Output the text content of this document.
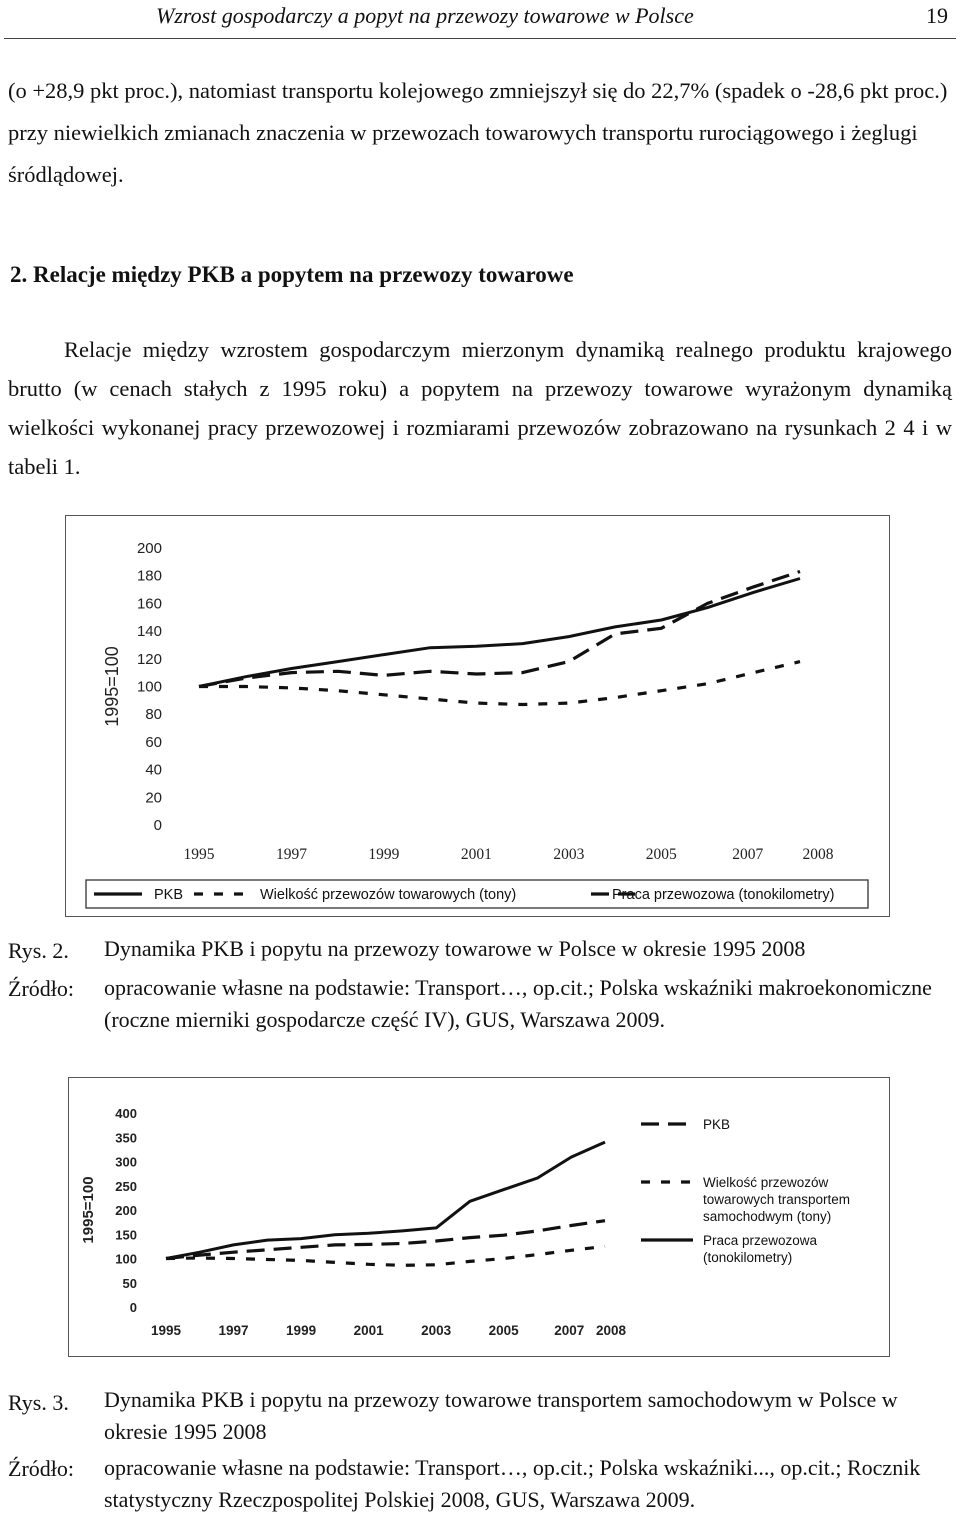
Wzrost gospodarczy a popyt na przewozy towarowe w Polsce	19
(o +28,9 pkt proc.), natomiast transportu kolejowego zmniejszył się do 22,7% (spadek o -28,6 pkt proc.) przy niewielkich zmianach znaczenia w przewozach towarowych transportu rurociągowego i żeglugi śródlądowej.
2. Relacje między PKB a popytem na przewozy towarowe
Relacje między wzrostem gospodarczym mierzonym dynamiką realnego produktu krajowego brutto (w cenach stałych z 1995 roku) a popytem na przewozy towarowe wyrażonym dynamiką wielkości wykonanej pracy przewozowej i rozmiarami przewozów zobrazowano na rysunkach 2 4 i w tabeli 1.
0
20
40
60
80
100
120
140
160
180
200
1995=100
1995	1997	1999	2001	2003	2005	2007	2008
PKB	Wielkość przewozów towarowych (tony)	Praca przewozowa (tonokilometry)
Rys. 2. Dynamika PKB i popytu na przewozy towarowe w Polsce w okresie 1995 2008
Źródło: opracowanie własne na podstawie: Transport…, op.cit.; Polska wskaźniki makroekonomiczne (roczne mierniki gospodarcze część IV), GUS, Warszawa 2009.
0
50
100
150
200
250
300
350
400
1995=100
1995	1997	1999	2001	2003	2005	2007 2008
PKB
Wielkość przewozów towarowych transportem samochodwym (tony)
Praca przewozowa (tonokilometry)
Rys. 3. Dynamika PKB i popytu na przewozy towarowe transportem samochodowym w Polsce w okresie 1995 2008
Źródło: opracowanie własne na podstawie: Transport…, op.cit.; Polska wskaźniki..., op.cit.; Rocznik statystyczny Rzeczpospolitej Polskiej 2008, GUS, Warszawa 2009.
